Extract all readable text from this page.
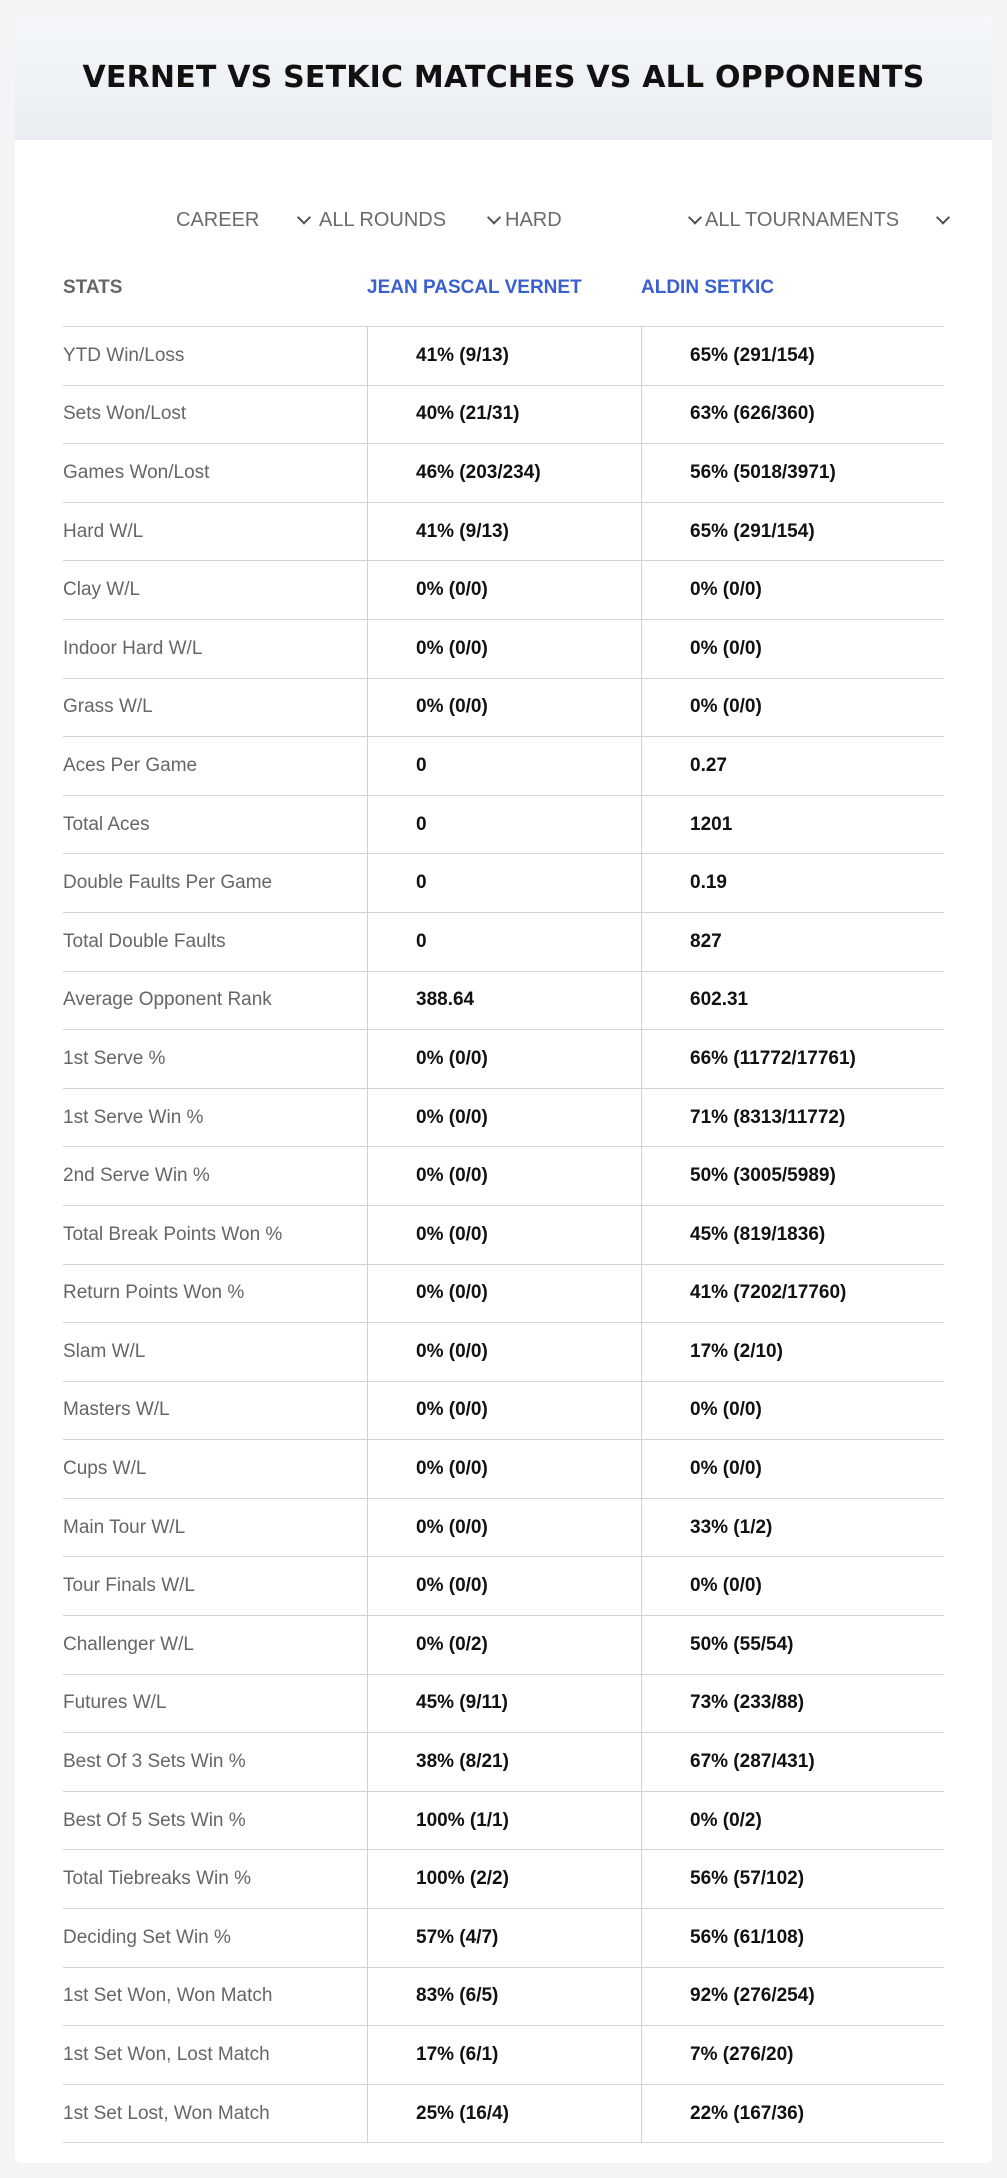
VERNET VS SETKIC MATCHES VS ALL OPPONENTS
CAREER	ALL ROUNDS	HARD	ALL TOURNAMENTS
STATS	JEAN PASCAL VERNET	ALDIN SETKIC
YTD Win/Loss	41% (9/13)	65% (291/154)
Sets Won/Lost	40% (21/31)	63% (626/360)
Games Won/Lost	46% (203/234)	56% (5018/3971)
Hard W/L	41% (9/13)	65% (291/154)
Clay W/L	0% (0/0)	0% (0/0)
Indoor Hard W/L	0% (0/0)	0% (0/0)
Grass W/L	0% (0/0)	0% (0/0)
Aces Per Game	0	0.27
Total Aces	0	1201
Double Faults Per Game	0	0.19
Total Double Faults	0	827
Average Opponent Rank	388.64	602.31
1st Serve %	0% (0/0)	66% (11772/17761)
1st Serve Win %	0% (0/0)	71% (8313/11772)
2nd Serve Win %	0% (0/0)	50% (3005/5989)
Total Break Points Won %	0% (0/0)	45% (819/1836)
Return Points Won %	0% (0/0)	41% (7202/17760)
Slam W/L	0% (0/0)	17% (2/10)
Masters W/L	0% (0/0)	0% (0/0)
Cups W/L	0% (0/0)	0% (0/0)
Main Tour W/L	0% (0/0)	33% (1/2)
Tour Finals W/L	0% (0/0)	0% (0/0)
Challenger W/L	0% (0/2)	50% (55/54)
Futures W/L	45% (9/11)	73% (233/88)
Best Of 3 Sets Win %	38% (8/21)	67% (287/431)
Best Of 5 Sets Win %	100% (1/1)	0% (0/2)
Total Tiebreaks Win %	100% (2/2)	56% (57/102)
Deciding Set Win %	57% (4/7)	56% (61/108)
1st Set Won, Won Match	83% (6/5)	92% (276/254)
1st Set Won, Lost Match	17% (6/1)	7% (276/20)
1st Set Lost, Won Match	25% (16/4)	22% (167/36)
